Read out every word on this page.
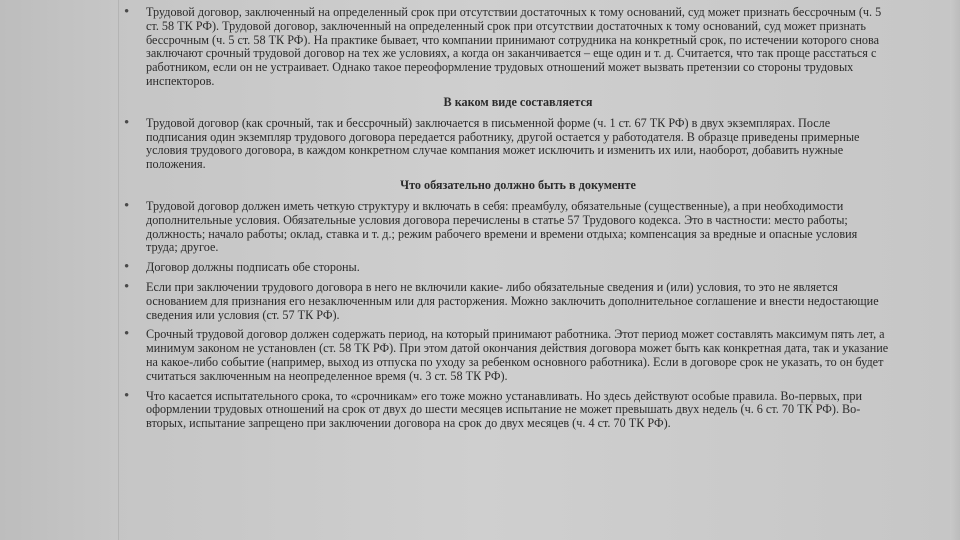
• Трудовой договор, заключенный на определенный срок при отсутствии достаточных к тому оснований, суд может признать бессрочным (ч. 5 ст. 58 ТК РФ). Трудовой договор, заключенный на определенный срок при отсутствии достаточных к тому оснований, суд может признать бессрочным (ч. 5 ст. 58 ТК РФ). На практике бывает, что компании принимают сотрудника на конкретный срок, по истечении которого снова заключают срочный трудовой договор на тех же условиях, а когда он заканчивается – еще один и т. д. Считается, что так проще расстаться с работником, если он не устраивает. Однако такое переоформление трудовых отношений может вызвать претензии со стороны трудовых инспекторов.
В каком виде составляется
• Трудовой договор (как срочный, так и бессрочный) заключается в письменной форме (ч. 1 ст. 67 ТК РФ) в двух экземплярах. После подписания один экземпляр трудового договора передается работнику, другой остается у работодателя. В образце приведены примерные условия трудового договора, в каждом конкретном случае компания может исключить и изменить их или, наоборот, добавить нужные положения.
Что обязательно должно быть в документе
• Трудовой договор должен иметь четкую структуру и включать в себя: преамбулу, обязательные (существенные), а при необходимости дополнительные условия. Обязательные условия договора перечислены в статье 57 Трудового кодекса. Это в частности: место работы; должность; начало работы; оклад, ставка и т. д.; режим рабочего времени и времени отдыха; компенсация за вредные и опасные условия труда; другое.
• Договор должны подписать обе стороны.
• Если при заключении трудового договора в него не включили какие- либо обязательные сведения и (или) условия, то это не является основанием для признания его незаключенным или для расторжения. Можно заключить дополнительное соглашение и внести недостающие сведения или условия (ст. 57 ТК РФ).
• Срочный трудовой договор должен содержать период, на который принимают работника. Этот период может составлять максимум пять лет, а минимум законом не установлен (ст. 58 ТК РФ). При этом датой окончания действия договора может быть как конкретная дата, так и указание на какое-либо событие (например, выход из отпуска по уходу за ребенком основного работника). Если в договоре срок не указать, то он будет считаться заключенным на неопределенное время (ч. 3 ст. 58 ТК РФ).
• Что касается испытательного срока, то «срочникам» его тоже можно устанавливать. Но здесь действуют особые правила. Во-первых, при оформлении трудовых отношений на срок от двух до шести месяцев испытание не может превышать двух недель (ч. 6 ст. 70 ТК РФ). Во-вторых, испытание запрещено при заключении договора на срок до двух месяцев (ч. 4 ст. 70 ТК РФ).
